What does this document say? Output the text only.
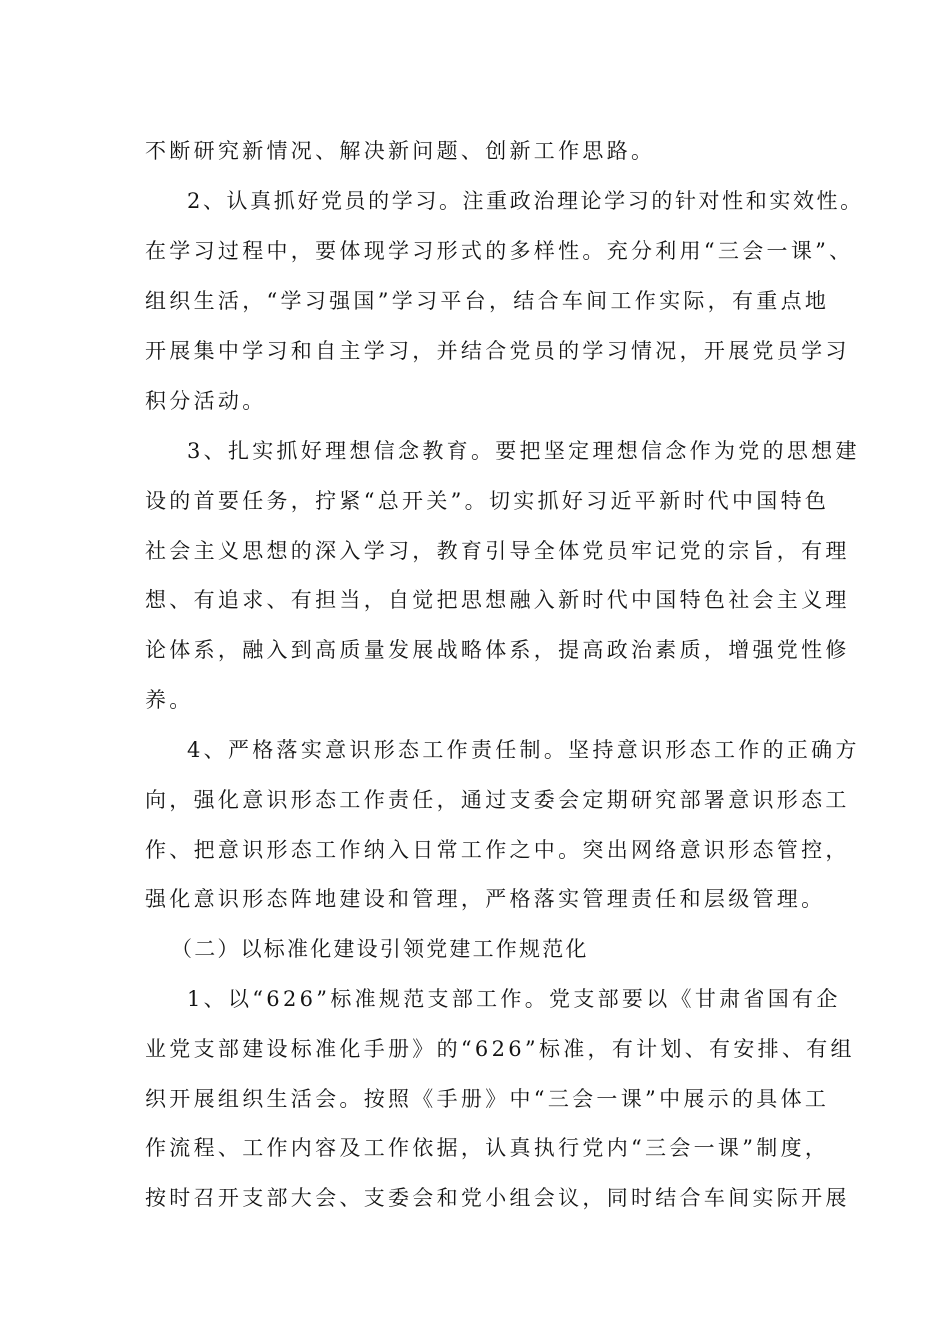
不断研究新情况、解决新问题、创新工作思路。
2、认真抓好党员的学习。注重政治理论学习的针对性和实效性。
在学习过程中，要体现学习形式的多样性。充分利用“三会一课”、
组织生活，“学习强国”学习平台，结合车间工作实际，有重点地
开展集中学习和自主学习，并结合党员的学习情况，开展党员学习
积分活动。
3、扎实抓好理想信念教育。要把坚定理想信念作为党的思想建
设的首要任务，拧紧“总开关”。切实抓好习近平新时代中国特色
社会主义思想的深入学习，教育引导全体党员牢记党的宗旨，有理
想、有追求、有担当，自觉把思想融入新时代中国特色社会主义理
论体系，融入到高质量发展战略体系，提高政治素质，增强党性修
养。
4、严格落实意识形态工作责任制。坚持意识形态工作的正确方
向，强化意识形态工作责任，通过支委会定期研究部署意识形态工
作、把意识形态工作纳入日常工作之中。突出网络意识形态管控，
强化意识形态阵地建设和管理，严格落实管理责任和层级管理。
（二）以标准化建设引领党建工作规范化
1、以“626”标准规范支部工作。党支部要以《甘肃省国有企
业党支部建设标准化手册》的“626”标准，有计划、有安排、有组
织开展组织生活会。按照《手册》中“三会一课”中展示的具体工
作流程、工作内容及工作依据，认真执行党内“三会一课”制度，
按时召开支部大会、支委会和党小组会议，同时结合车间实际开展
